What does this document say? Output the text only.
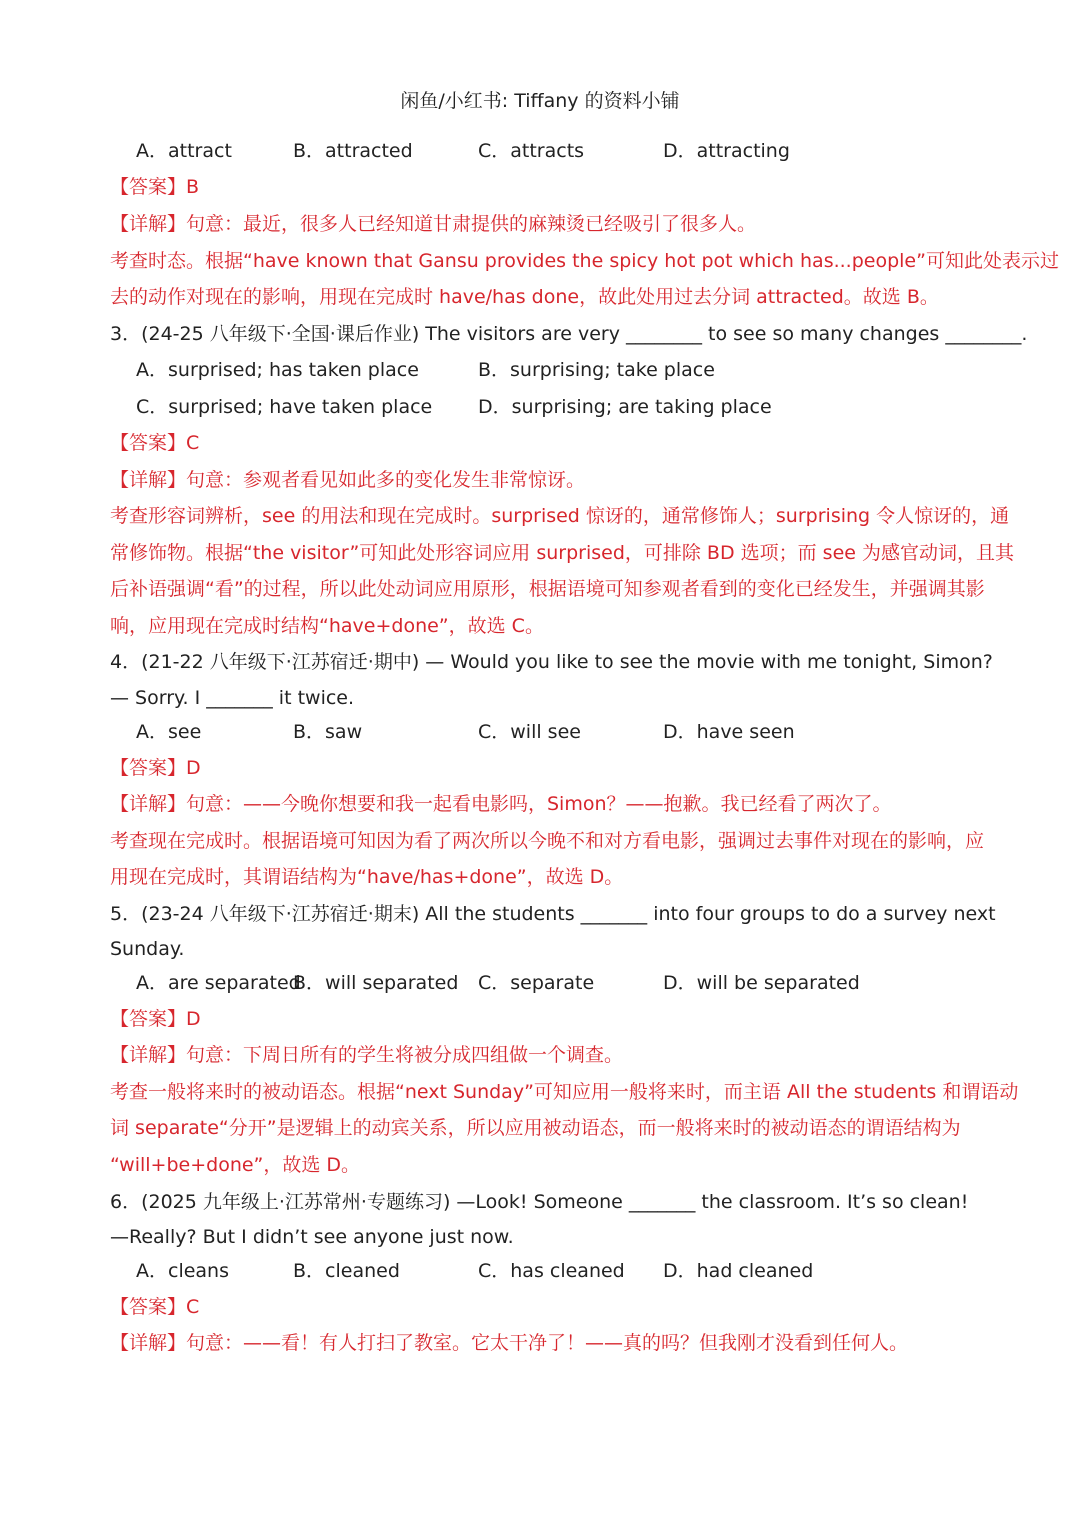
闲鱼/小红书: Tiffany 的资料小铺
A．attract	B．attracted	C．attracts	D．attracting
【答案】B
【详解】句意：最近，很多人已经知道甘肃提供的麻辣烫已经吸引了很多人。
考查时态。根据“have known that Gansu provides the spicy hot pot which has...people”可知此处表示过
去的动作对现在的影响，用现在完成时 have/has done，故此处用过去分词 attracted。故选 B。
3．(24-25 八年级下·全国·课后作业) The visitors are very ________ to see so many changes ________.
A．surprised; has taken place	B．surprising; take place
C．surprised; have taken place D．surprising; are taking place
【答案】C
【详解】句意：参观者看见如此多的变化发生非常惊讶。
考查形容词辨析，see 的用法和现在完成时。surprised 惊讶的，通常修饰人；surprising 令人惊讶的，通
常修饰物。根据“the visitor”可知此处形容词应用 surprised，可排除 BD 选项；而 see 为感官动词，且其
后补语强调“看”的过程，所以此处动词应用原形，根据语境可知参观者看到的变化已经发生，并强调其影
响，应用现在完成时结构“have+done”，故选 C。
4．(21-22 八年级下·江苏宿迁·期中) — Would you like to see the movie with me tonight, Simon?
— Sorry. I _______ it twice.
A．see	B．saw	C．will see	D．have seen
【答案】D
【详解】句意：——今晚你想要和我一起看电影吗，Simon？——抱歉。我已经看了两次了。
考查现在完成时。根据语境可知因为看了两次所以今晚不和对方看电影，强调过去事件对现在的影响，应
用现在完成时，其谓语结构为“have/has+done”，故选 D。
5．(23-24 八年级下·江苏宿迁·期末) All the students _______ into four groups to do a survey next
Sunday.
A．are separated
B．will separated C．separate	D．will be separated
【答案】D
【详解】句意：下周日所有的学生将被分成四组做一个调查。
考查一般将来时的被动语态。根据“next Sunday”可知应用一般将来时，而主语 All the students 和谓语动
词 separate“分开”是逻辑上的动宾关系，所以应用被动语态，而一般将来时的被动语态的谓语结构为
“will+be+done”，故选 D。
6．(2025 九年级上·江苏常州·专题练习) —Look! Someone _______ the classroom. It’s so clean!
—Really? But I didn’t see anyone just now.
A．cleans	B．cleaned	C．has cleaned D．had cleaned
【答案】C
【详解】句意：——看！有人打扫了教室。它太干净了！——真的吗？但我刚才没看到任何人。
